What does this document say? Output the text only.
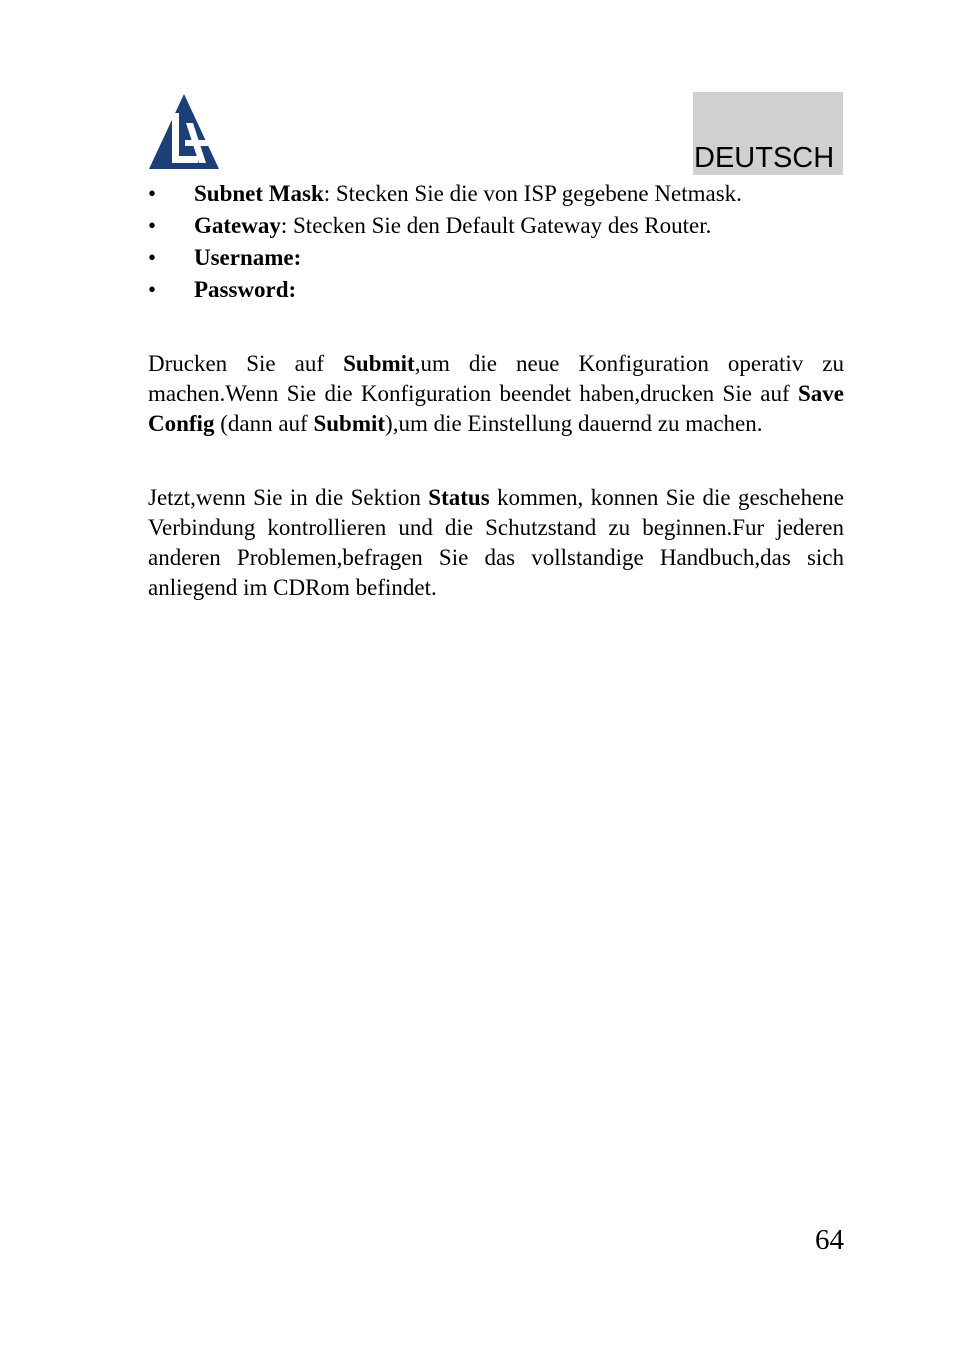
DEUTSCH
• Subnet Mask: Stecken Sie die von ISP gegebene Netmask.
• Gateway: Stecken Sie den Default Gateway des Router.
• Username:
• Password:

Drucken Sie auf Submit,um die neue Konfiguration operativ zu machen.Wenn Sie die Konfiguration beendet haben,drucken Sie auf Save Config (dann auf Submit),um die Einstellung dauernd zu machen.

Jetzt,wenn Sie in die Sektion Status kommen, konnen Sie die geschehene Verbindung kontrollieren und die Schutzstand zu beginnen.Fur jederen anderen Problemen,befragen Sie das vollstandige Handbuch,das sich anliegend im CDRom befindet.

64
